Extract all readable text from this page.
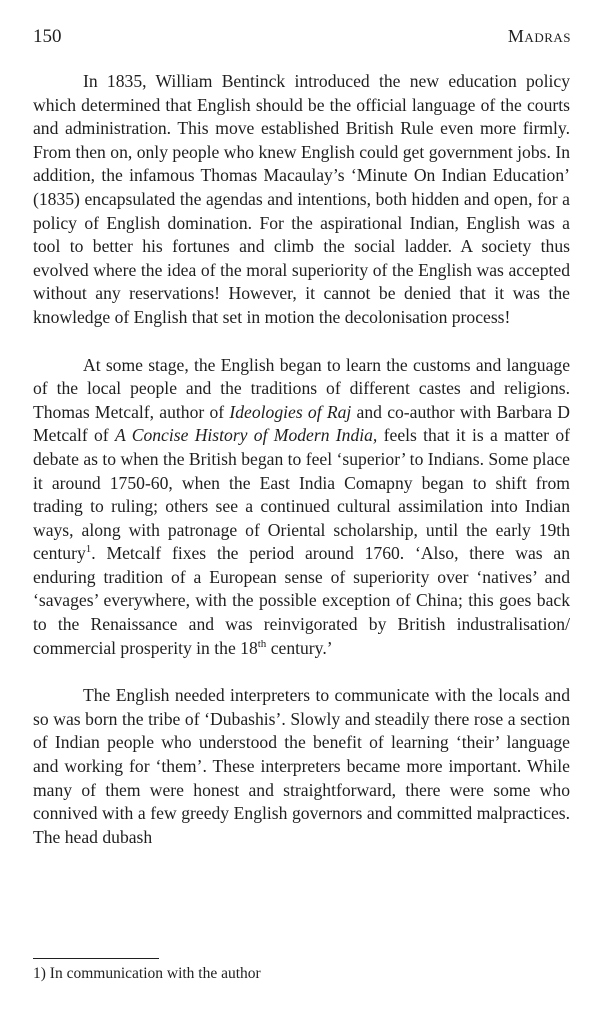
150	Madras

In 1835, William Bentinck introduced the new education policy which determined that English should be the official language of the courts and administration. This move established British Rule even more firmly. From then on, only people who knew English could get government jobs. In addition, the infamous Thomas Macaulay’s ‘Minute On Indian Education’ (1835) encapsulated the agendas and intentions, both hidden and open, for a policy of English domination. For the aspirational Indian, English was a tool to better his fortunes and climb the social ladder. A society thus evolved where the idea of the moral superiority of the English was accepted without any reservations! However, it cannot be denied that it was the knowledge of English that set in motion the decolonisation process!

At some stage, the English began to learn the customs and language of the local people and the traditions of different castes and religions. Thomas Metcalf, author of Ideologies of Raj and co-author with Barbara D Metcalf of A Concise History of Modern India, feels that it is a matter of debate as to when the British began to feel ‘superior’ to Indians. Some place it around 1750-60, when the East India Comapny began to shift from trading to ruling; others see a continued cultural assimilation into Indian ways, along with patronage of Oriental scholarship, until the early 19th century$^1$. Metcalf fixes the period around 1760. ‘Also, there was an enduring tradition of a European sense of superiority over ‘natives’ and ‘savages’ everywhere, with the possible exception of China; this goes back to the Renaissance and was reinvigorated by British industralisation/ commercial prosperity in the 18th century.’

The English needed interpreters to communicate with the locals and so was born the tribe of ‘Dubashis’. Slowly and steadily there rose a section of Indian people who understood the benefit of learning ‘their’ language and working for ‘them’. These interpreters became more important. While many of them were honest and straightforward, there were some who connived with a few greedy English governors and committed malpractices. The head dubash

1) In communication with the author
